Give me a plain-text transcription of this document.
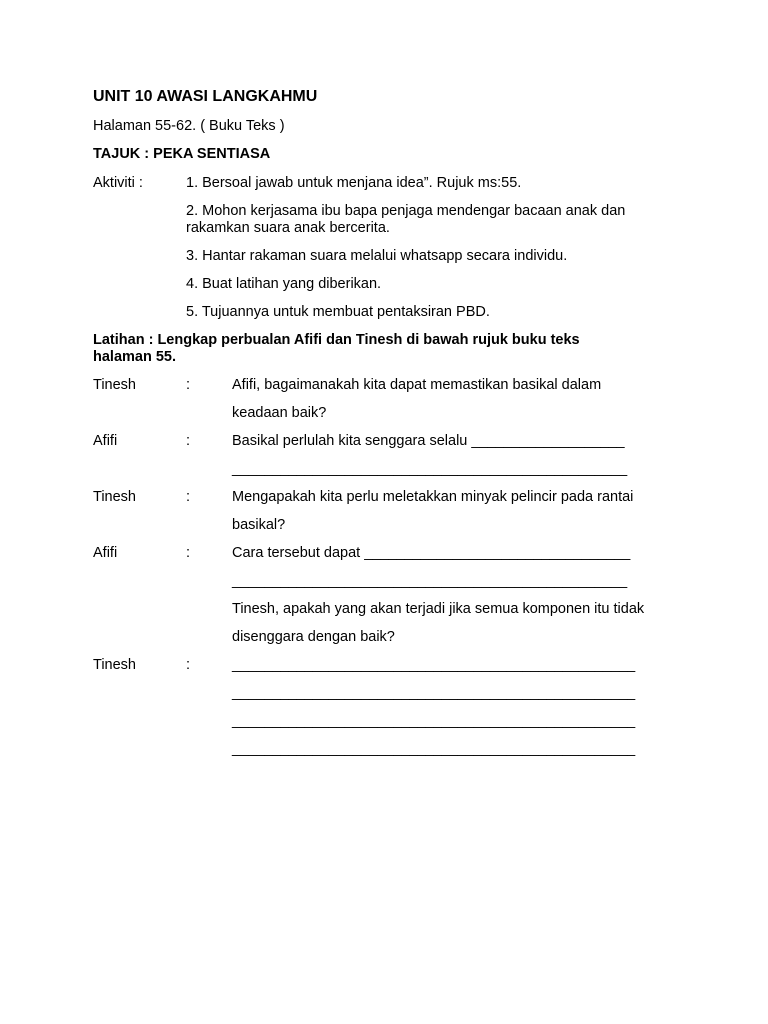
UNIT 10 AWASI LANGKAHMU
Halaman 55-62. ( Buku Teks )
TAJUK : PEKA SENTIASA
Aktiviti :	1. Bersoal jawab untuk menjana idea”. Rujuk ms:55.
2. Mohon kerjasama ibu bapa penjaga mendengar bacaan anak dan
rakamkan suara anak bercerita.
3. Hantar rakaman suara melalui whatsapp secara individu.
4. Buat latihan yang diberikan.
5. Tujuannya untuk membuat pentaksiran PBD.
Latihan : Lengkap perbualan Afifi dan Tinesh di bawah rujuk buku teks
halaman 55.
Tinesh	:	Afifi, bagaimanakah kita dapat memastikan basikal dalam
keadaan baik?
Afifi	:	Basikal perlulah kita senggara selalu ___________________
_________________________________________________
Tinesh	:	Mengapakah kita perlu meletakkan minyak pelincir pada rantai
basikal?
Afifi	:	Cara tersebut dapat _________________________________
_________________________________________________
Tinesh, apakah yang akan terjadi jika semua komponen itu tidak
disenggara dengan baik?
Tinesh	:	__________________________________________________
__________________________________________________
__________________________________________________
__________________________________________________
